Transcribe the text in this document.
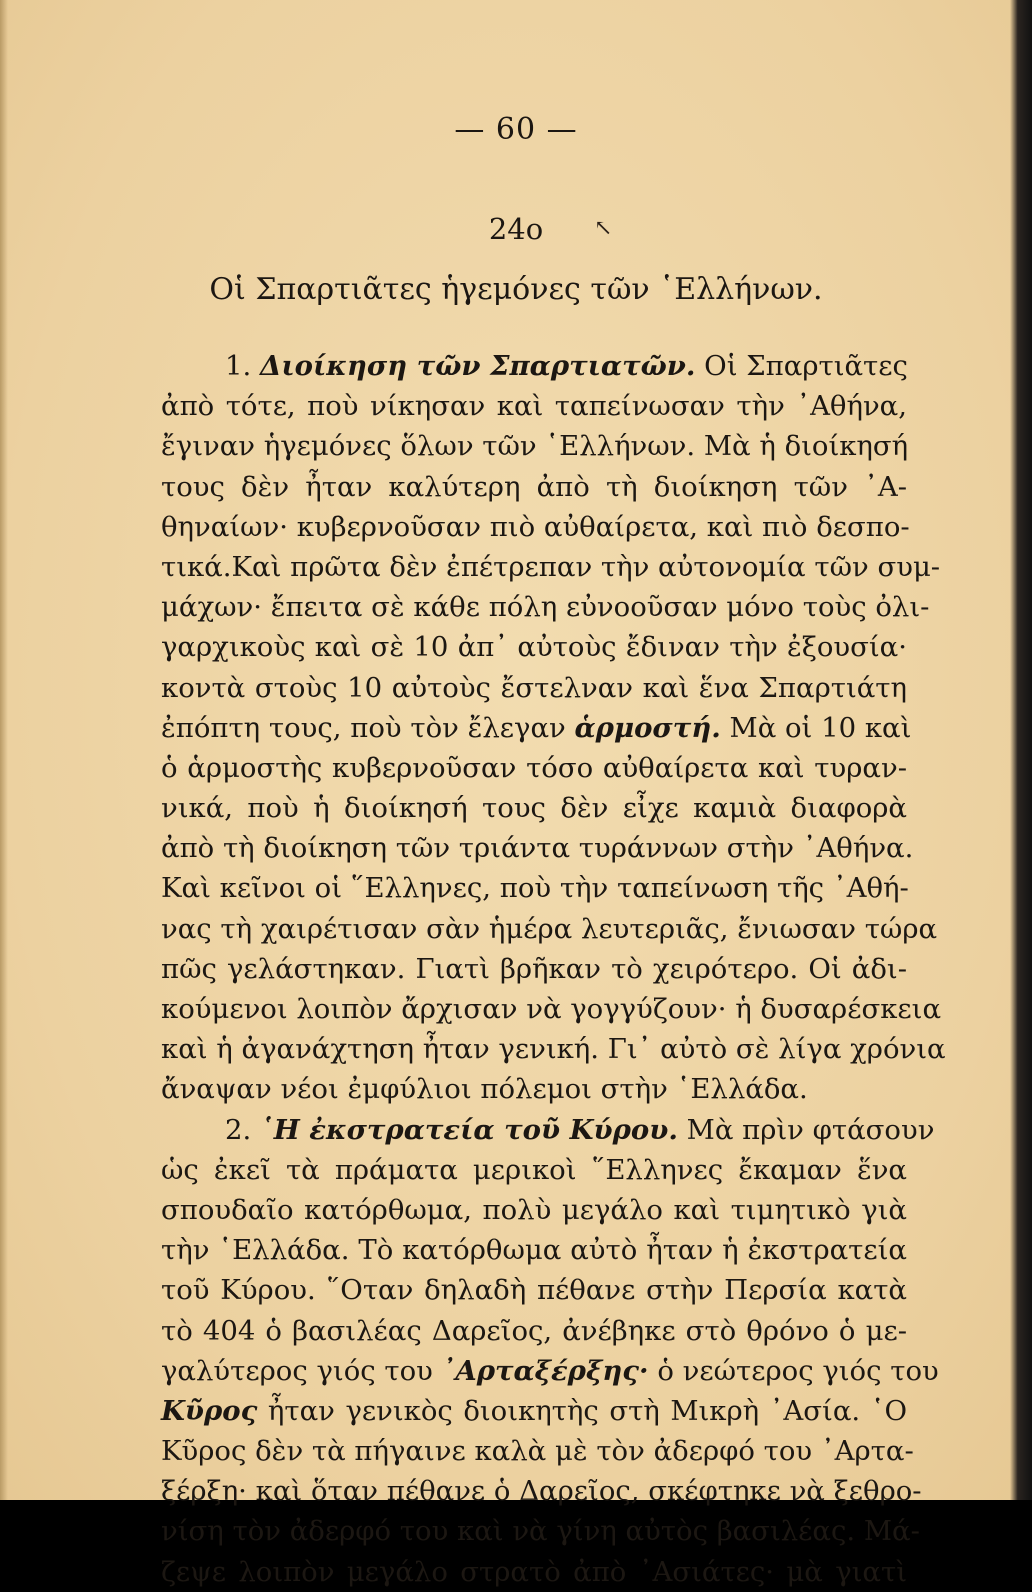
— 60 —
24ο	↖
Οἱ Σπαρτιᾶτες ἡγεμόνες τῶν ῾Ελλήνων.
1. Διοίκηση τῶν Σπαρτιατῶν. Οἱ Σπαρτιᾶτες
ἀπὸ τότε, ποὺ νίκησαν καὶ ταπείνωσαν τὴν ᾽Αθήνα,
ἔγιναν ἡγεμόνες ὅλων τῶν ῾Ελλήνων. Μὰ ἡ διοίκησή
τους δὲν ἦταν καλύτερη ἀπὸ τὴ διοίκηση τῶν ᾽Α-
θηναίων· κυβερνοῦσαν πιὸ αὐθαίρετα, καὶ πιὸ δεσπο-
τικά.Καὶ πρῶτα δὲν ἐπέτρεπαν τὴν αὐτονομία τῶν συμ-
μάχων· ἔπειτα σὲ κάθε πόλη εὐνοοῦσαν μόνο τοὺς ὀλι-
γαρχικοὺς καὶ σὲ 10 ἀπ᾽ αὐτοὺς ἔδιναν τὴν ἐξουσία·
κοντὰ στοὺς 10 αὐτοὺς ἔστελναν καὶ ἕνα Σπαρτιάτη
ἐπόπτη τους, ποὺ τὸν ἔλεγαν ἁρμοστή. Μὰ οἱ 10 καὶ
ὁ ἁρμοστὴς κυβερνοῦσαν τόσο αὐθαίρετα καὶ τυραν-
νικά, ποὺ ἡ διοίκησή τους δὲν εἶχε καμιὰ διαφορὰ
ἀπὸ τὴ διοίκηση τῶν τριάντα τυράννων στὴν ᾽Αθήνα.
Καὶ κεῖνοι οἱ ῞Ελληνες, ποὺ τὴν ταπείνωση τῆς ᾽Αθή-
νας τὴ χαιρέτισαν σὰν ἡμέρα λευτεριᾶς, ἔνιωσαν τώρα
πῶς γελάστηκαν. Γιατὶ βρῆκαν τὸ χειρότερο. Οἱ ἀδι-
κούμενοι λοιπὸν ἄρχισαν νὰ γογγύζουν· ἡ δυσαρέσκεια
καὶ ἡ ἀγανάχτηση ἦταν γενική. Γι᾽ αὐτὸ σὲ λίγα χρόνια
ἄναψαν νέοι ἐμφύλιοι πόλεμοι στὴν ῾Ελλάδα.
2. ῾Η ἐκστρατεία τοῦ Κύρου. Μὰ πρὶν φτάσουν
ὡς ἐκεῖ τὰ πράματα μερικοὶ ῞Ελληνες ἔκαμαν ἕνα
σπουδαῖο κατόρθωμα, πολὺ μεγάλο καὶ τιμητικὸ γιὰ
τὴν ῾Ελλάδα. Τὸ κατόρθωμα αὐτὸ ἦταν ἡ ἐκστρατεία
τοῦ Κύρου. ῞Οταν δηλαδὴ πέθανε στὴν Περσία κατὰ
τὸ 404 ὁ βασιλέας Δαρεῖος, ἀνέβηκε στὸ θρόνο ὁ με-
γαλύτερος γιός του ᾽Αρταξέρξης· ὁ νεώτερος γιός του
Κῦρος ἦταν γενικὸς διοικητὴς στὴ Μικρὴ ᾽Ασία. ῾Ο
Κῦρος δὲν τὰ πήγαινε καλὰ μὲ τὸν ἀδερφό του ᾽Αρτα-
ξέρξη· καὶ ὅταν πέθανε ὁ Δαρεῖος, σκέφτηκε νὰ ξεθρο-
νίση τὸν ἀδερφό του καὶ νὰ γίνη αὐτὸς βασιλέας. Μά-
ζεψε λοιπὸν μεγάλο στρατὸ ἀπὸ ᾽Ασιάτες· μὰ γιατὶ
